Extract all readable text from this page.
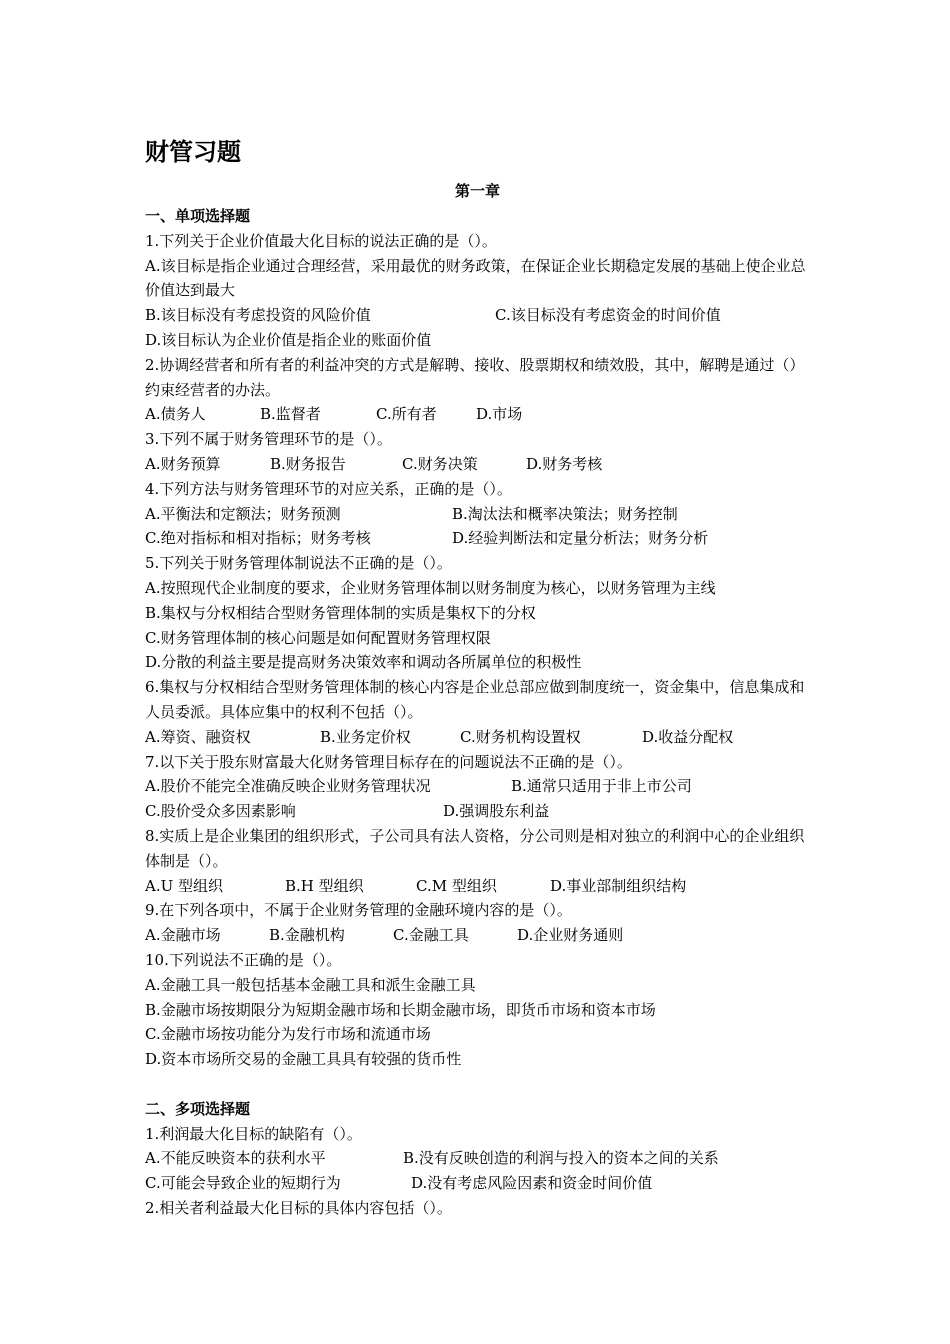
财管习题
第一章
一、单项选择题
1.下列关于企业价值最大化目标的说法正确的是（）。
A.该目标是指企业通过合理经营，采用最优的财务政策，在保证企业长期稳定发展的基础上使企业总价值达到最大
B.该目标没有考虑投资的风险价值	C.该目标没有考虑资金的时间价值
D.该目标认为企业价值是指企业的账面价值
2.协调经营者和所有者的利益冲突的方式是解聘、接收、股票期权和绩效股，其中，解聘是通过（）约束经营者的办法。
A.债务人	B.监督者	C.所有者	D.市场
3.下列不属于财务管理环节的是（）。
A.财务预算	B.财务报告	C.财务决策	D.财务考核
4.下列方法与财务管理环节的对应关系，正确的是（）。
A.平衡法和定额法；财务预测	B.淘汰法和概率决策法；财务控制
C.绝对指标和相对指标；财务考核	D.经验判断法和定量分析法；财务分析
5.下列关于财务管理体制说法不正确的是（）。
A.按照现代企业制度的要求，企业财务管理体制以财务制度为核心，以财务管理为主线
B.集权与分权相结合型财务管理体制的实质是集权下的分权
C.财务管理体制的核心问题是如何配置财务管理权限
D.分散的利益主要是提高财务决策效率和调动各所属单位的积极性
6.集权与分权相结合型财务管理体制的核心内容是企业总部应做到制度统一，资金集中，信息集成和人员委派。具体应集中的权利不包括（）。
A.筹资、融资权	B.业务定价权	C.财务机构设置权	D.收益分配权
7.以下关于股东财富最大化财务管理目标存在的问题说法不正确的是（）。
A.股价不能完全准确反映企业财务管理状况	B.通常只适用于非上市公司
C.股价受众多因素影响	D.强调股东利益
8.实质上是企业集团的组织形式，子公司具有法人资格，分公司则是相对独立的利润中心的企业组织体制是（）。
A.U 型组织	B.H 型组织	C.M 型组织	D.事业部制组织结构
9.在下列各项中，不属于企业财务管理的金融环境内容的是（）。
A.金融市场	B.金融机构	C.金融工具	D.企业财务通则
10.下列说法不正确的是（）。
A.金融工具一般包括基本金融工具和派生金融工具
B.金融市场按期限分为短期金融市场和长期金融市场，即货币市场和资本市场
C.金融市场按功能分为发行市场和流通市场
D.资本市场所交易的金融工具具有较强的货币性
二、多项选择题
1.利润最大化目标的缺陷有（）。
A.不能反映资本的获利水平	B.没有反映创造的利润与投入的资本之间的关系
C.可能会导致企业的短期行为	D.没有考虑风险因素和资金时间价值
2.相关者利益最大化目标的具体内容包括（）。
